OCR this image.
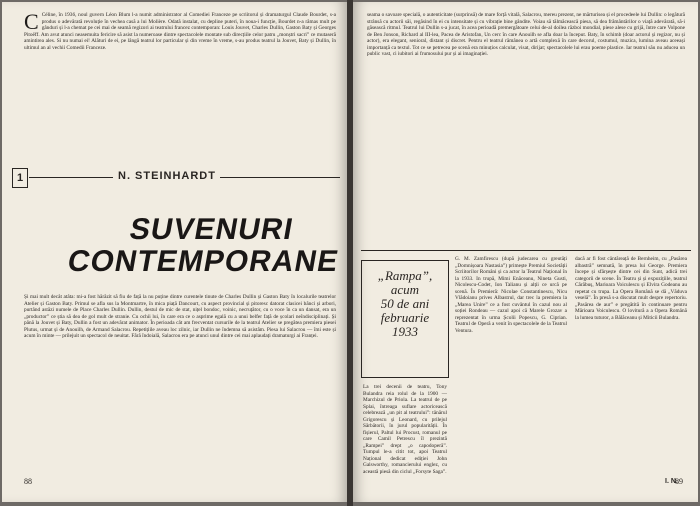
C Céline, în 1936, noul guvern Léon Blum l-a numit administrator al Comediei Franceze pe scriitorul și dramaturgul Claude Bourdet, s-a produs o adevărată revoluție în vechea casă a lui Molière. Odată instalat, cu depline puteri, în noua-i funcție, Bourdet n-a rămas mult pe gânduri și l-a chemat pe cei mai de seamă regizori ai teatrului francez contemporan: Louis Jouvet, Charles Dullin, Gaston Baty și Georges Pitoëff. Am avut atunci neasemuita fericire să asist la numeroase dintre spectacolele montate sub direcțiile celor patru „monștri sacri” ce mutaseră amintirea ales. Si nu numai ei! Alături de ei, pe lângă teatrul lor particular și din vreme în vreme, s-au produs teatrul la Jouvet, Baty și Dullin, în ultimul an al vechii Comedii Franceze.
1	N. STEINHARDT
SUVENURI
CONTEMPORANE
Și mai mult decât atâta: mi-a fost hărăzit să fiu de față la nu puține dintre curentele tinute de Charles Dullin și Gaston Baty în localurile teatrelor Atelier și Gaston Baty. Primul se afla sus la Montmartre, în mica piață Dancourt, cu aspect provincial și pitoresc datorat clasicei bănci și arbori, purtând astăzi numele de Place Charles Dullin. Dullin, destul de mic de stat, nițel bondoc, voinic, necruțător, cu o voce în ca un dansat, era un „productor” ce știa să dea de gol mult de stranie. Cu ochii lui, în care era ce o asprime egală cu a unui belfer față de școlari neîndisciplinați. Și până la Jouvet și Baty, Dullin a fost un adevărat animator. În perioada cât am frecventat cursurile de la teatrul Atelier se pregătea premiera piesei Plutus, urmat și de Anouilh, de Armand Salacrou. Repetițiile aveau loc zilnic, iar Dullin ne îndemna să asistăm. Piesa lui Salacrou — îmi este și acum în minte — prilejuit un spectacol de neuitat. Fără îndoială, Salacrou era pe atunci unul dintre cei mai aplaudați dramaturgi ai Franței.
88
seama o savoare specială, o autenticitate (surprinsă) de mare forță vitală, Salacrou, mereu prezent, ne mărturisea și el procedeele lui Dullin: o legătură strânsă cu actorii săi, regăsind în ei cu intensitate și cu vibrație bine gândite. Voiau să tălmăcească piesa, să dea frământărilor o viață adevărată, să-i găsească ritmul. Teatrul lui Dullin s-a jucat, în acea perioadă premergătoare celui de-al doilea război mondial, piese alese cu grijă, între care Volpone de Ben Jonson, Richard al III-lea, Pacea de Aristofan, Un cerc în care Anouilh se afla doar la început. Baty, în schimb (doar actorul și regizor, nu și actor), era elegant, senioral, distant și discret. Pentru el teatrul rămânea o artă complexă în care decorul, costumul, muzica, lumina aveau aceeași importanță ca textul. Tot ce se petrecea pe scenă era minuțios calculat, visat, dirijat; spectacolele lui erau poeme plastice. Iar teatrul său nu aducea un public vast, ci iubitori ai frumosului pur și ai imaginației.
„Rampa”,
acum
50 de ani
februarie
1933
La trei decenii de teatru, Tony Bulandra reia rolul de la 1900 — Marchizul de Priola. La teatrul de pe Splai, întreaga suflare actoricească celebrează „un pit al teatrului”: tânărul Grigorescu și Leonard, cu prilejul Sărbătorii, în jurul popularității. În fișierul, Paltul lui Procust, romanul pe care Camil Petrescu îl prezintă „Rampei” drept „o capodoperă”. Tumpul le-a citit tot, apoi Teatrul Național dedicat ediției John Galsworthy, romancierului englez, cu această piesă din ciclul „Forsyte Saga”.
G. M. Zamfirescu (după judecarea cu greutăți „Domnișoara Nastasia”) primește Premiul Societății Scriitorilor Români și ca actor la Teatrul Național în la 1933. In trupă, Mimi Enăceanu, Nineta Gusti, Nicolescu-Codet, Ion Talianu și alții ce urcă pe scenă. În Premieră: Nicolae Constantinescu, Nicu Vlădoianu prives Albastrul, dar trec la premiera la „Marea Unire” ce a fost cuvântul în cazul nou al soției Rondeau — cazul apoi că Marele Grozav a reprezentat în urma Școlii Popescu, G. Ciprian. Teatrul de Operă a venit în spectacolele de la Teatrul Ventura.
dacă ar fi fost cântăreață de Bernheim, cu „Pasărea albastră” semnată, în presa lui George. Premiera începe și sfârșește dintre cei din Sunt, adică trei categorii de scene. În Teatru și și expozițiile, teatrul Cărăbuș, Marioara Voiculescu și Elvira Godeanu au repetat cu trupa. La Opera Română se dă „Văduva veselă”. În presă s-a discutat mult despre repertoriu. „Pasărea de aur” e pregătită în continuare pentru Mărioara Voiculescu. O lovitură a a Opera Română la lumea tuturor, a Bălăceanu și Miticii Bulandra.
I. N.
89
